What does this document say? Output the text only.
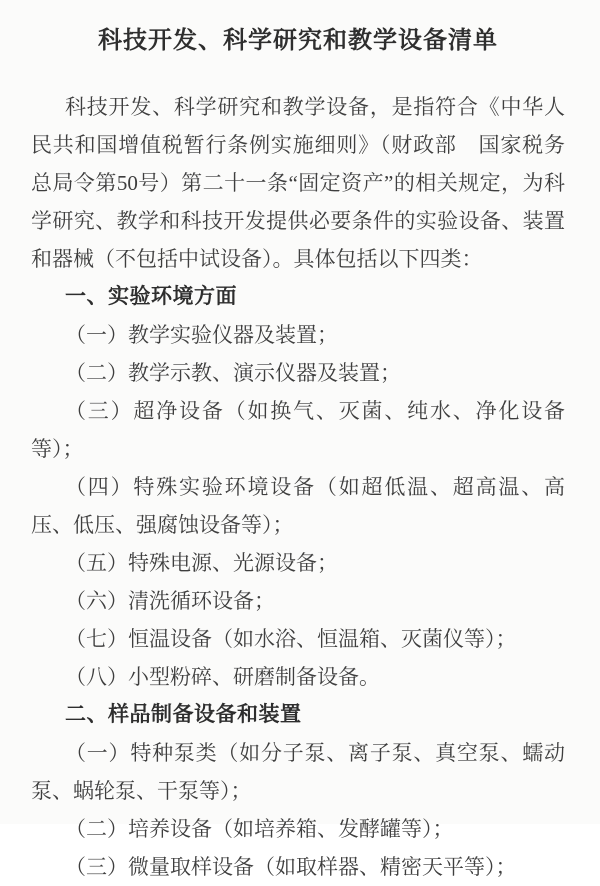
科技开发、科学研究和教学设备清单

科技开发、科学研究和教学设备，是指符合《中华人民共和国增值税暂行条例实施细则》（财政部　国家税务总局令第50号）第二十一条“固定资产”的相关规定，为科学研究、教学和科技开发提供必要条件的实验设备、装置和器械（不包括中试设备）。具体包括以下四类：

一、实验环境方面

（一）教学实验仪器及装置；

（二）教学示教、演示仪器及装置；

（三）超净设备（如换气、灭菌、纯水、净化设备等）；

（四）特殊实验环境设备（如超低温、超高温、高压、低压、强腐蚀设备等）；

（五）特殊电源、光源设备；

（六）清洗循环设备；

（七）恒温设备（如水浴、恒温箱、灭菌仪等）；

（八）小型粉碎、研磨制备设备。

二、样品制备设备和装置

（一）特种泵类（如分子泵、离子泵、真空泵、蠕动泵、蜗轮泵、干泵等）；

（二）培养设备（如培养箱、发酵罐等）；

（三）微量取样设备（如取样器、精密天平等）；
